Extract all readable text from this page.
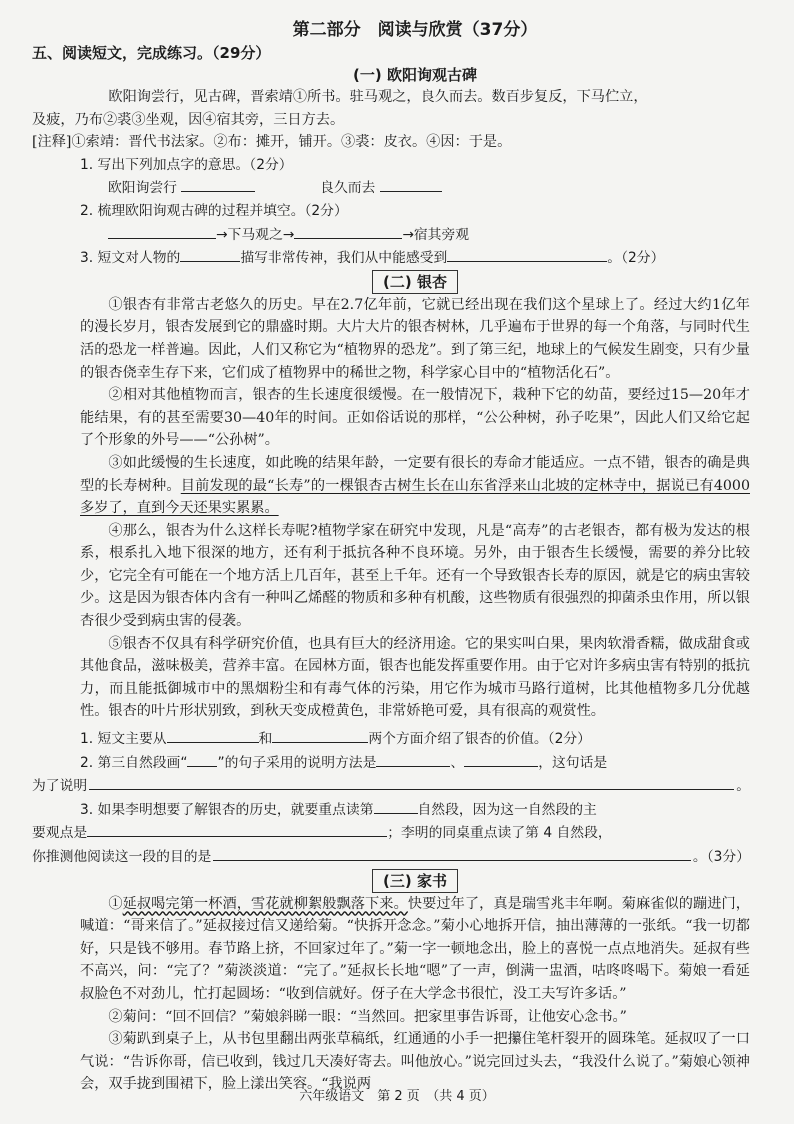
第二部分　阅读与欣赏（37分）
五、阅读短文，完成练习。（29分）
(一) 欧阳询观古碑

欧阳询尝行，见古碑，晋索靖①所书。驻马观之，良久而去。数百步复反，下马伫立，

及疲，乃布②裘③坐观，因④宿其旁，三日方去。

[注释]①索靖：晋代书法家。②布：摊开，铺开。③裘：皮衣。④因：于是。

1. 写出下列加点字的意思。（2分）

欧阳询尝行	良久而去

2. 梳理欧阳询观古碑的过程并填空。（2分）

→下马观之→	→宿其旁观

3. 短文对人物的	描写非常传神，我们从中能感受到	。（2分）

(二) 银杏

①银杏有非常古老悠久的历史。早在2.7亿年前，它就已经出现在我们这个星球上了。经过大约1亿年的漫长岁月，银杏发展到它的鼎盛时期。大片大片的银杏树林，几乎遍布于世界的每一个角落，与同时代生活的恐龙一样普遍。因此，人们又称它为“植物界的恐龙”。到了第三纪，地球上的气候发生剧变，只有少量的银杏侥幸生存下来，它们成了植物界中的稀世之物，科学家心目中的“植物活化石”。

②相对其他植物而言，银杏的生长速度很缓慢。在一般情况下，栽种下它的幼苗，要经过15—20年才能结果，有的甚至需要30—40年的时间。正如俗话说的那样，“公公种树，孙子吃果”，因此人们又给它起了个形象的外号——“公孙树”。

③如此缓慢的生长速度，如此晚的结果年龄，一定要有很长的寿命才能适应。一点不错，银杏的确是典型的长寿树种。目前发现的最“长寿”的一棵银杏古树生长在山东省浮来山北坡的定林寺中，据说已有4000多岁了，直到今天还果实累累。

④那么，银杏为什么这样长寿呢?植物学家在研究中发现，凡是“高寿”的古老银杏，都有极为发达的根系，根系扎入地下很深的地方，还有利于抵抗各种不良环境。另外，由于银杏生长缓慢，需要的养分比较少，它完全有可能在一个地方活上几百年，甚至上千年。还有一个导致银杏长寿的原因，就是它的病虫害较少。这是因为银杏体内含有一种叫乙烯醛的物质和多种有机酸，这些物质有很强烈的抑菌杀虫作用，所以银杏很少受到病虫害的侵袭。

⑤银杏不仅具有科学研究价值，也具有巨大的经济用途。它的果实叫白果，果肉软滑香糯，做成甜食或其他食品，滋味极美，营养丰富。在园林方面，银杏也能发挥重要作用。由于它对许多病虫害有特别的抵抗力，而且能抵御城市中的黑烟粉尘和有毒气体的污染，用它作为城市马路行道树，比其他植物多几分优越性。银杏的叶片形状别致，到秋天变成橙黄色，非常娇艳可爱，具有很高的观赏性。

1. 短文主要从	和	两个方面介绍了银杏的价值。（2分）

2. 第三自然段画“ ”的句子采用的说明方法是	、	，这句话是

为了说明	。

3. 如果李明想要了解银杏的历史，就要重点读第	自然段，因为这一自然段的主

要观点是	；李明的同桌重点读了第 4 自然段，

你推测他阅读这一段的目的是	。（3分）

(三) 家书

①延叔喝完第一杯酒，雪花就柳絮般飘落下来。快要过年了，真是瑞雪兆丰年啊。菊麻雀似的蹦进门，喊道：“哥来信了。”延叔接过信又递给菊。“快拆开念念。”菊小心地拆开信，抽出薄薄的一张纸。“我一切都好，只是钱不够用。春节路上挤，不回家过年了。”菊一字一顿地念出，脸上的喜悦一点点地消失。延叔有些不高兴，问：“完了？”菊淡淡道：“完了。”延叔长长地“嗯”了一声，倒满一盅酒，咕咚咚喝下。菊娘一看延叔脸色不对劲儿，忙打起圆场：“收到信就好。伢子在大学念书很忙，没工夫写许多话。”

②菊问：“回不回信？”菊娘斜睇一眼：“当然回。把家里事告诉哥，让他安心念书。”

③菊趴到桌子上，从书包里翻出两张草稿纸，红通通的小手一把攥住笔杆裂开的圆珠笔。延叔叹了一口气说：“告诉你哥，信已收到，钱过几天凑好寄去。叫他放心。”说完回过头去，“我没什么说了。”菊娘心领神会，双手拢到围裙下，脸上漾出笑容。“我说两

六年级语文　第 2 页　（共 4 页）
